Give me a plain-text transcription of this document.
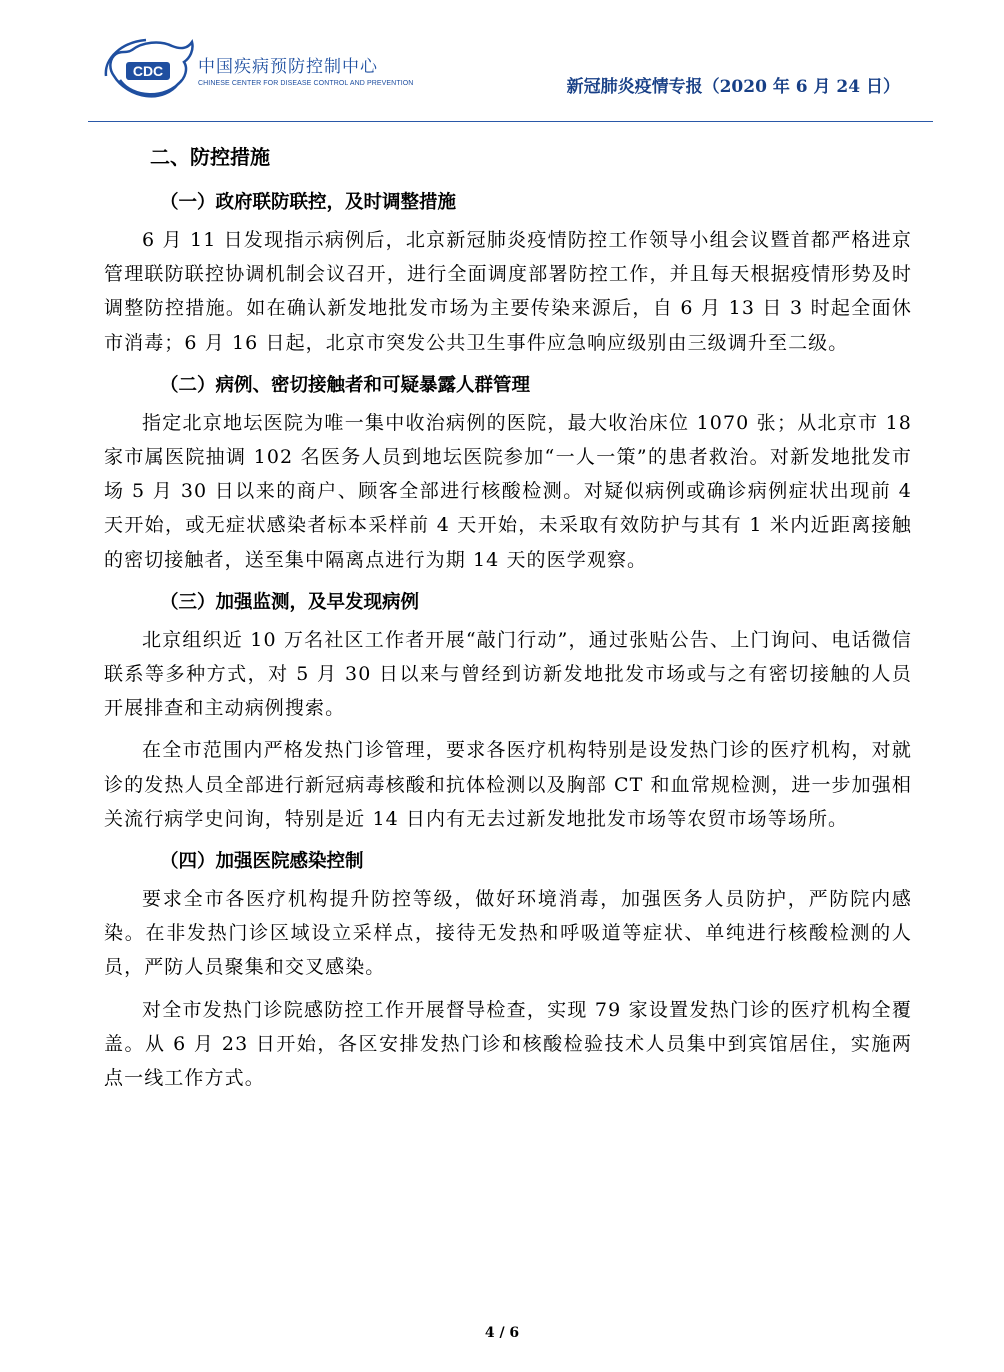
CDC 中国疾病预防控制中心
CHINESE CENTER FOR DISEASE CONTROL AND PREVENTION	新冠肺炎疫情专报（2020 年 6 月 24 日）
二、防控措施
（一）政府联防联控，及时调整措施

6 月 11 日发现指示病例后，北京新冠肺炎疫情防控工作领导小组会议暨首都严格进京管理联防联控协调机制会议召开，进行全面调度部署防控工作，并且每天根据疫情形势及时调整防控措施。如在确认新发地批发市场为主要传染来源后，自 6 月 13 日 3 时起全面休市消毒；6 月 16 日起，北京市突发公共卫生事件应急响应级别由三级调升至二级。

（二）病例、密切接触者和可疑暴露人群管理

指定北京地坛医院为唯一集中收治病例的医院，最大收治床位 1070 张；从北京市 18 家市属医院抽调 102 名医务人员到地坛医院参加“一人一策”的患者救治。对新发地批发市场 5 月 30 日以来的商户、顾客全部进行核酸检测。对疑似病例或确诊病例症状出现前 4 天开始，或无症状感染者标本采样前 4 天开始，未采取有效防护与其有 1 米内近距离接触的密切接触者，送至集中隔离点进行为期 14 天的医学观察。

（三）加强监测，及早发现病例

北京组织近 10 万名社区工作者开展“敲门行动”，通过张贴公告、上门询问、电话微信联系等多种方式，对 5 月 30 日以来与曾经到访新发地批发市场或与之有密切接触的人员开展排查和主动病例搜索。

在全市范围内严格发热门诊管理，要求各医疗机构特别是设发热门诊的医疗机构，对就诊的发热人员全部进行新冠病毒核酸和抗体检测以及胸部 CT 和血常规检测，进一步加强相关流行病学史问询，特别是近 14 日内有无去过新发地批发市场等农贸市场等场所。

（四）加强医院感染控制

要求全市各医疗机构提升防控等级，做好环境消毒，加强医务人员防护，严防院内感染。在非发热门诊区域设立采样点，接待无发热和呼吸道等症状、单纯进行核酸检测的人员，严防人员聚集和交叉感染。

对全市发热门诊院感防控工作开展督导检查，实现 79 家设置发热门诊的医疗机构全覆盖。从 6 月 23 日开始，各区安排发热门诊和核酸检验技术人员集中到宾馆居住，实施两点一线工作方式。

4 / 6
